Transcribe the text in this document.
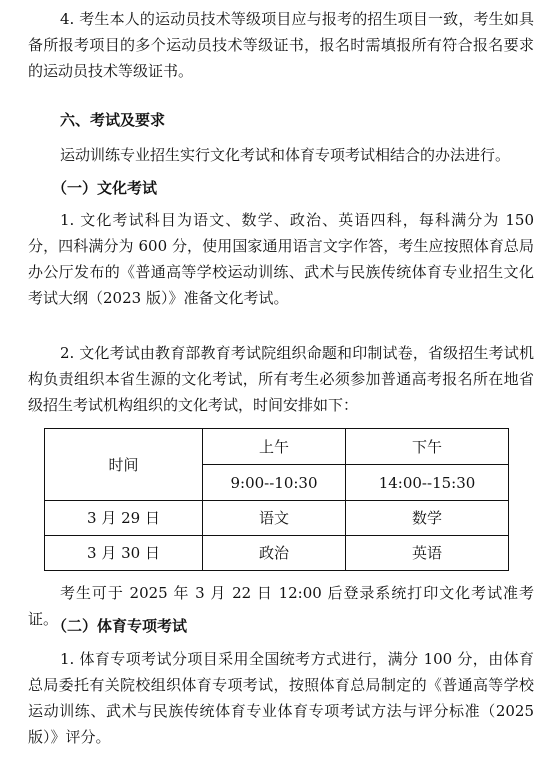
4. 考生本人的运动员技术等级项目应与报考的招生项目一致，考生如具备所报考项目的多个运动员技术等级证书，报名时需填报所有符合报名要求的运动员技术等级证书。

六、考试及要求

运动训练专业招生实行文化考试和体育专项考试相结合的办法进行。

（一）文化考试

1. 文化考试科目为语文、数学、政治、英语四科，每科满分为 150 分，四科满分为 600 分，使用国家通用语言文字作答，考生应按照体育总局办公厅发布的《普通高等学校运动训练、武术与民族传统体育专业招生文化考试大纲（2023 版）》准备文化考试。

2. 文化考试由教育部教育考试院组织命题和印制试卷，省级招生考试机构负责组织本省生源的文化考试，所有考生必须参加普通高考报名所在地省级招生考试机构组织的文化考试，时间安排如下：

时间	上午	下午
	9:00--10:30	14:00--15:30
3 月 29 日	语文	数学
3 月 30 日	政治	英语

考生可于 2025 年 3 月 22 日 12:00 后登录系统打印文化考试准考证。

（二）体育专项考试

1. 体育专项考试分项目采用全国统考方式进行，满分 100 分，由体育总局委托有关院校组织体育专项考试，按照体育总局制定的《普通高等学校运动训练、武术与民族传统体育专业体育专项考试方法与评分标准（2025 版）》评分。
